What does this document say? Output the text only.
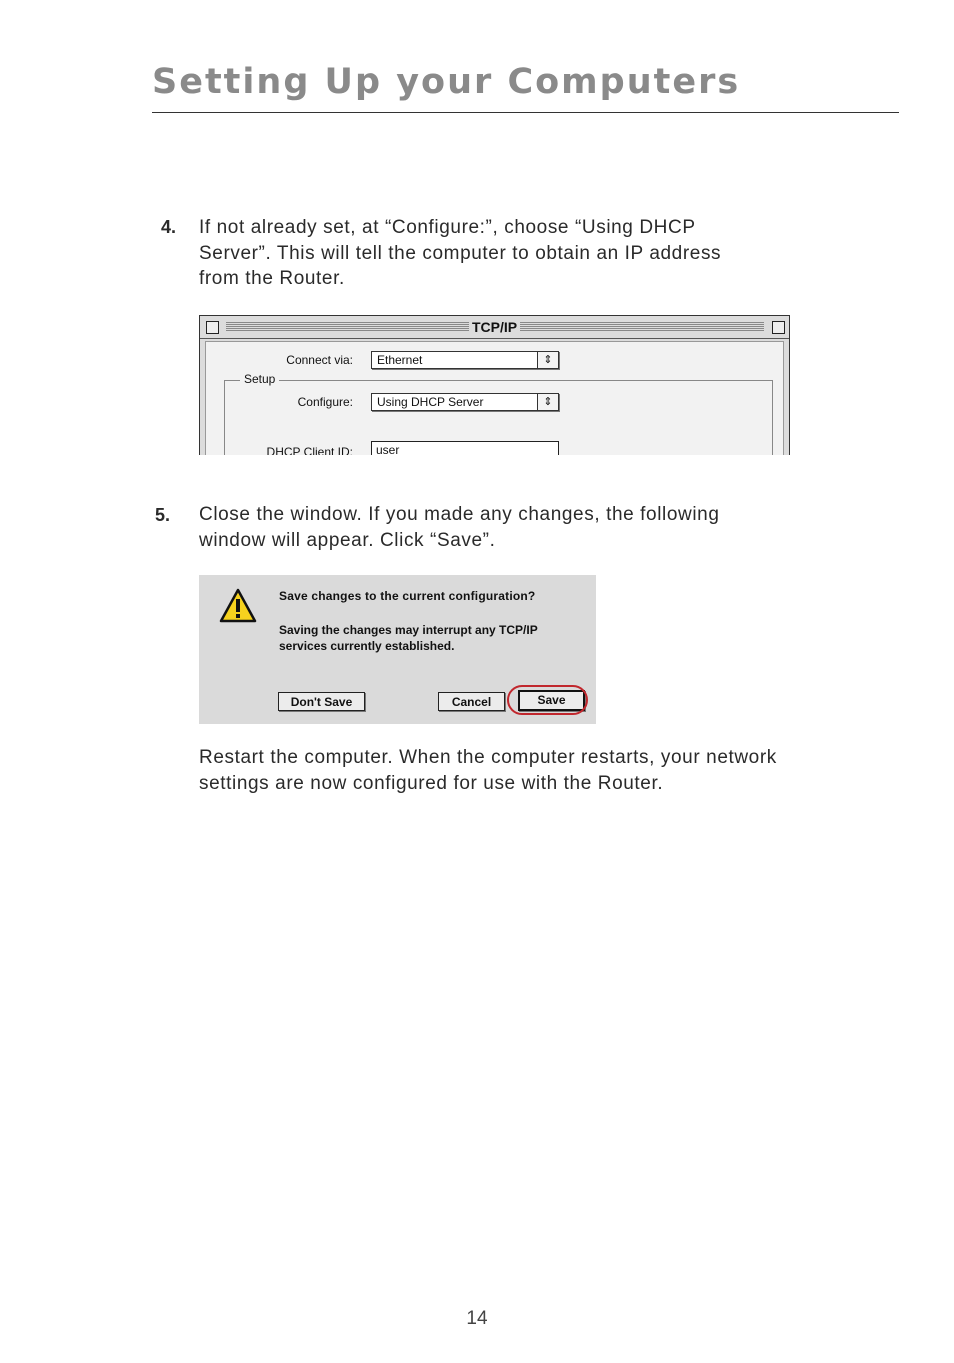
Setting Up your Computers
4. If not already set, at “Configure:”, choose “Using DHCP

Server”. This will tell the computer to obtain an IP address

from the Router.

TCP/IP
Connect via:	Ethernet	⇕
Setup
Configure:	Using DHCP Server	⇕
DHCP Client ID:	user
5. Close the window. If you made any changes, the following

window will appear. Click “Save”.

Save changes to the current configuration?
Saving the changes may interrupt any TCP/IP services currently established.
Don't Save	Cancel	Save

Restart the computer. When the computer restarts, your network

settings are now configured for use with the Router.

14
